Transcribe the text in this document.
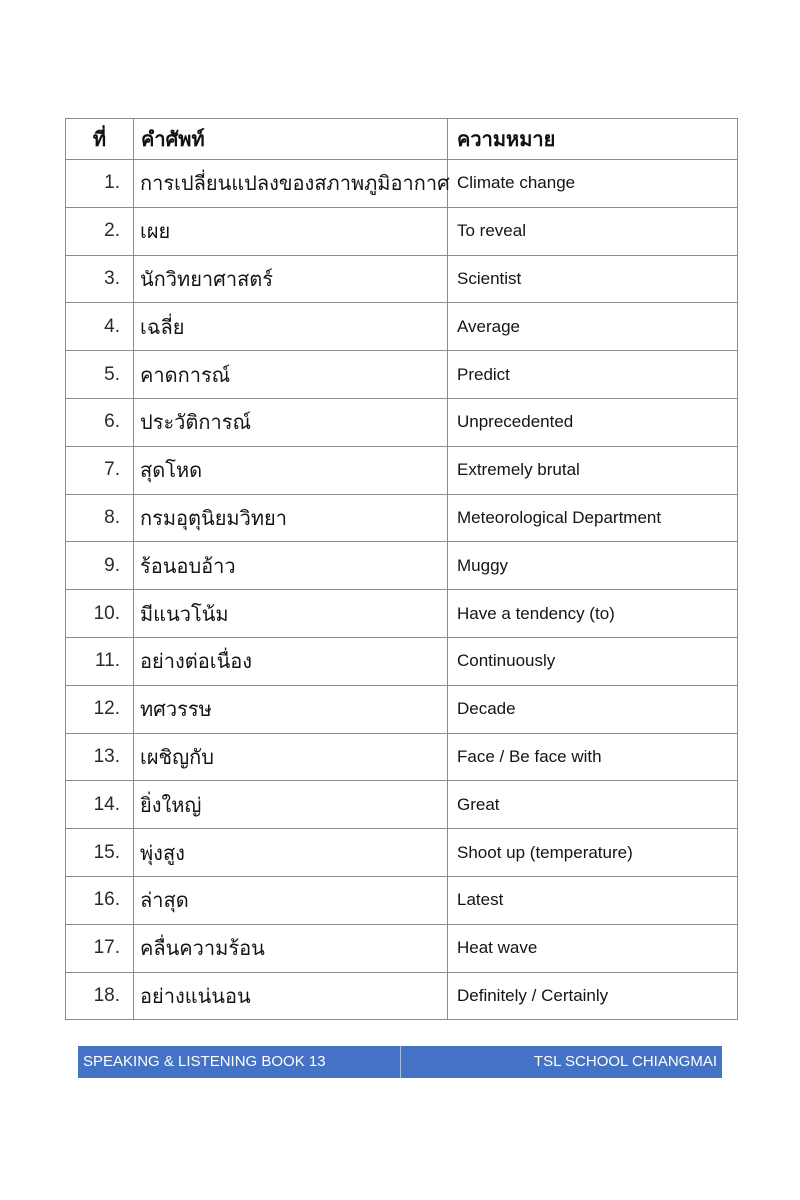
ที่	คำศัพท์	ความหมาย
1.	การเปลี่ยนแปลงของสภาพภูมิอากาศ	Climate change
2.	เผย	To reveal
3.	นักวิทยาศาสตร์	Scientist
4.	เฉลี่ย	Average
5.	คาดการณ์	Predict
6.	ประวัติการณ์	Unprecedented
7.	สุดโหด	Extremely brutal
8.	กรมอุตุนิยมวิทยา	Meteorological Department
9.	ร้อนอบอ้าว	Muggy
10.	มีแนวโน้ม	Have a tendency (to)
11.	อย่างต่อเนื่อง	Continuously
12.	ทศวรรษ	Decade
13.	เผชิญกับ	Face / Be face with
14.	ยิ่งใหญ่	Great
15.	พุ่งสูง	Shoot up (temperature)
16.	ล่าสุด	Latest
17.	คลื่นความร้อน	Heat wave
18.	อย่างแน่นอน	Definitely / Certainly
SPEAKING & LISTENING BOOK 13	TSL SCHOOL CHIANGMAI
